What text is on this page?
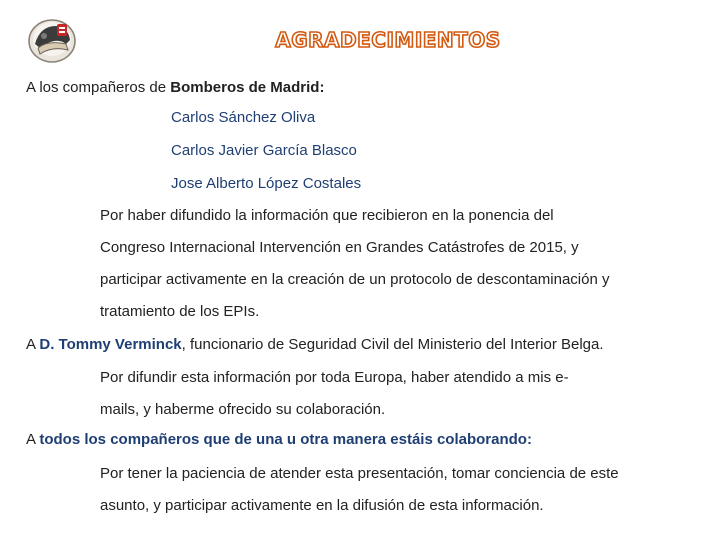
AGRADECIMIENTOS
A los compañeros de Bomberos de Madrid:
Carlos Sánchez Oliva
Carlos Javier García Blasco
Jose Alberto López Costales
Por haber difundido la información que recibieron en la ponencia del
Congreso Internacional Intervención en Grandes Catástrofes de 2015, y
participar activamente en la creación de un protocolo de descontaminación y
tratamiento de los EPIs.
A D. Tommy Verminck, funcionario de Seguridad Civil del Ministerio del Interior Belga.
Por difundir esta información por toda Europa, haber atendido a mis e-
mails, y haberme ofrecido su colaboración.
A todos los compañeros que de una u otra manera estáis colaborando:
Por tener la paciencia de atender esta presentación, tomar conciencia de este
asunto, y participar activamente en la difusión de esta información.
